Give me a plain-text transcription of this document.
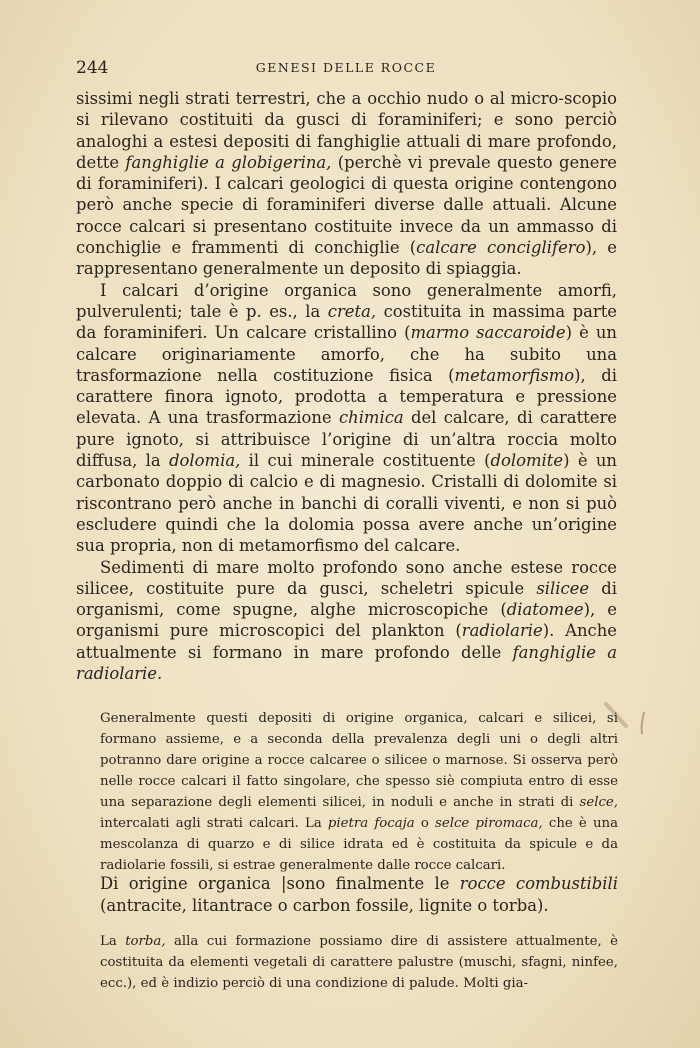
244	GENESI DELLE ROCCE

sissimi negli strati terrestri, che a occhio nudo o al micro-scopio si rilevano costituiti da gusci di foraminiferi; e sono perciò analoghi a estesi depositi di fanghiglie attuali di mare profondo, dette fanghiglie a globigerina, (perchè vi prevale questo genere di foraminiferi). I calcari geologici di questa origine contengono però anche specie di foraminiferi diverse dalle attuali. Alcune rocce calcari si presentano costituite invece da un ammasso di conchiglie e frammenti di conchiglie (calcare conciglifero), e rappresentano generalmente un deposito di spiaggia.

I calcari d’origine organica sono generalmente amorfi, pulverulenti; tale è p. es., la creta, costituita in massima parte da foraminiferi. Un calcare cristallino (marmo saccaroide) è un calcare originariamente amorfo, che ha subito una trasformazione nella costituzione fisica (metamorfismo), di carattere finora ignoto, prodotta a temperatura e pressione elevata. A una trasformazione chimica del calcare, di carattere pure ignoto, si attribuisce l’origine di un’altra roccia molto diffusa, la dolomia, il cui minerale costituente (dolomite) è un carbonato doppio di calcio e di magnesio. Cristalli di dolomite si riscontrano però anche in banchi di coralli viventi, e non si può escludere quindi che la dolomia possa avere anche un’origine sua propria, non di metamorfismo del calcare.

Sedimenti di mare molto profondo sono anche estese rocce silicee, costituite pure da gusci, scheletri spicule silicee di organismi, come spugne, alghe microscopiche (diatomee), e organismi pure microscopici del plankton (radiolarie). Anche attualmente si formano in mare profondo delle fanghiglie a radiolarie.

Generalmente questi depositi di origine organica, calcari e silicei, si formano assieme, e a seconda della prevalenza degli uni o degli altri potranno dare origine a rocce calcaree o silicee o marnose. Si osserva però nelle rocce calcari il fatto singolare, che spesso siè compiuta entro di esse una separazione degli elementi silicei, in noduli e anche in strati di selce, intercalati agli strati calcari. La pietra focaja o selce piromaca, che è una mescolanza di quarzo e di silice idrata ed è costituita da spicule e da radiolarie fossili, si estrae generalmente dalle rocce calcari.

Di origine organica |sono finalmente le rocce combustibili (antracite, litantrace o carbon fossile, lignite o torba).

La torba, alla cui formazione possiamo dire di assistere attualmente, è costituita da elementi vegetali di carattere palustre (muschi, sfagni, ninfee, ecc.), ed è indizio perciò di una condizione di palude. Molti gia-
